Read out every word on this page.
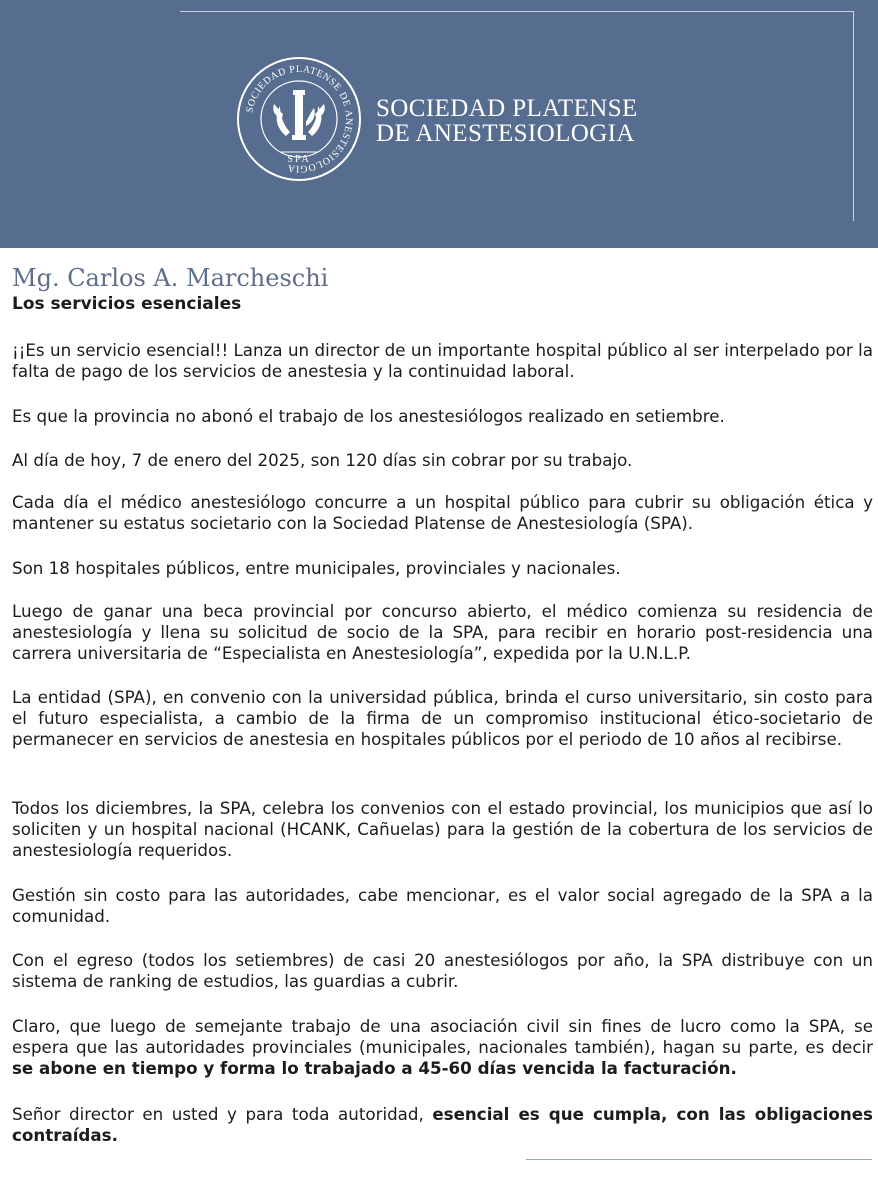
SOCIEDAD PLATENSE DE ANESTESIOLOGIA
SPA
SOCIEDAD PLATENSE
DE ANESTESIOLOGIA
Mg. Carlos A. Marcheschi
Los servicios esenciales

¡¡Es un servicio esencial!! Lanza un director de un importante hospital público al ser interpelado por la falta de pago de los servicios de anestesia y la continuidad laboral.

Es que la provincia no abonó el trabajo de los anestesiólogos realizado en setiembre.

Al día de hoy, 7 de enero del 2025, son 120 días sin cobrar por su trabajo.

Cada día el médico anestesiólogo concurre a un hospital público para cubrir su obligación ética y mantener su estatus societario con la Sociedad Platense de Anestesiología (SPA).

Son 18 hospitales públicos, entre municipales, provinciales y nacionales.

Luego de ganar una beca provincial por concurso abierto, el médico comienza su residencia de anestesiología y llena su solicitud de socio de la SPA, para recibir en horario post-residencia una carrera universitaria de “Especialista en Anestesiología”, expedida por la U.N.L.P.

La entidad (SPA), en convenio con la universidad pública, brinda el curso universitario, sin costo para el futuro especialista, a cambio de la firma de un compromiso institucional ético-societario de permanecer en servicios de anestesia en hospitales públicos por el periodo de 10 años al recibirse.

Todos los diciembres, la SPA, celebra los convenios con el estado provincial, los municipios que así lo soliciten y un hospital nacional (HCANK, Cañuelas) para la gestión de la cobertura de los servicios de anestesiología requeridos.

Gestión sin costo para las autoridades, cabe mencionar, es el valor social agregado de la SPA a la comunidad.

Con el egreso (todos los setiembres) de casi 20 anestesiólogos por año, la SPA distribuye con un sistema de ranking de estudios, las guardias a cubrir.

Claro, que luego de semejante trabajo de una asociación civil sin fines de lucro como la SPA, se espera que las autoridades provinciales (municipales, nacionales también), hagan su parte, es decir se abone en tiempo y forma lo trabajado a 45-60 días vencida la facturación.

Señor director en usted y para toda autoridad, esencial es que cumpla, con las obligaciones contraídas.
